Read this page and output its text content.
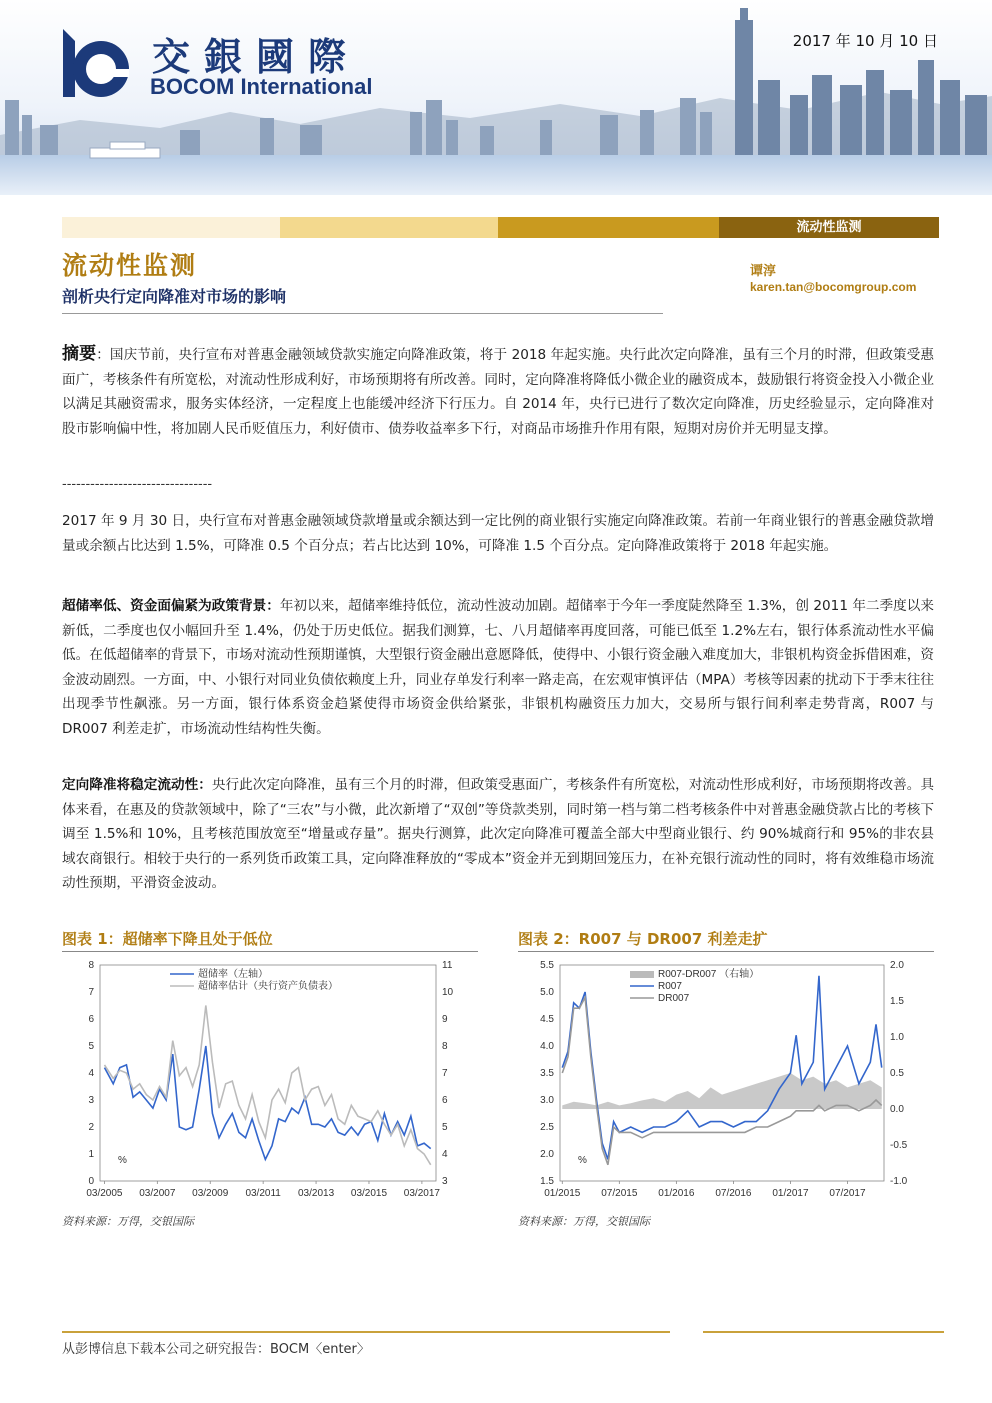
交銀國際
BOCOM International
2017 年 10 月 10 日
流动性监测
流动性监测
剖析央行定向降准对市场的影响
谭淳
karen.tan@bocomgroup.com

摘要：国庆节前，央行宣布对普惠金融领域贷款实施定向降准政策，将于 2018 年起实施。央行此次定向降准，虽有三个月的时滞，但政策受惠面广，考核条件有所宽松，对流动性形成利好，市场预期将有所改善。同时，定向降准将降低小微企业的融资成本，鼓励银行将资金投入小微企业以满足其融资需求，服务实体经济，一定程度上也能缓冲经济下行压力。自 2014 年，央行已进行了数次定向降准，历史经验显示，定向降准对股市影响偏中性，将加剧人民币贬值压力，利好债市、债券收益率多下行，对商品市场推升作用有限，短期对房价并无明显支撑。

--------------------------------

2017 年 9 月 30 日，央行宣布对普惠金融领域贷款增量或余额达到一定比例的商业银行实施定向降准政策。若前一年商业银行的普惠金融贷款增量或余额占比达到 1.5%，可降准 0.5 个百分点；若占比达到 10%，可降准 1.5 个百分点。定向降准政策将于 2018 年起实施。

超储率低、资金面偏紧为政策背景：年初以来，超储率维持低位，流动性波动加剧。超储率于今年一季度陡然降至 1.3%，创 2011 年二季度以来新低，二季度也仅小幅回升至 1.4%，仍处于历史低位。据我们测算，七、八月超储率再度回落，可能已低至 1.2%左右，银行体系流动性水平偏低。在低超储率的背景下，市场对流动性预期谨慎，大型银行资金融出意愿降低，使得中、小银行资金融入难度加大，非银机构资金拆借困难，资金波动剧烈。一方面，中、小银行对同业负债依赖度上升，同业存单发行利率一路走高，在宏观审慎评估（MPA）考核等因素的扰动下于季末往往出现季节性飙涨。另一方面，银行体系资金趋紧使得市场资金供给紧张，非银机构融资压力加大，交易所与银行间利率走势背离，R007 与 DR007 利差走扩，市场流动性结构性失衡。

定向降准将稳定流动性：央行此次定向降准，虽有三个月的时滞，但政策受惠面广，考核条件有所宽松，对流动性形成利好，市场预期将改善。具体来看，在惠及的贷款领域中，除了“三农”与小微，此次新增了“双创”等贷款类别，同时第一档与第二档考核条件中对普惠金融贷款占比的考核下调至 1.5%和 10%，且考核范围放宽至“增量或存量”。据央行测算，此次定向降准可覆盖全部大中型商业银行、约 90%城商行和 95%的非农县域农商银行。相较于央行的一系列货币政策工具，定向降准释放的“零成本”资金并无到期回笼压力，在补充银行流动性的同时，将有效维稳市场流动性预期，平滑资金波动。

图表 1：超储率下降且处于低位
0
1
2
3
4
5
6
7
8
3
4
5
6
7
8
9
10
11
03/2005 03/2007 03/2009 03/2011 03/2013 03/2015 03/2017
%
超储率（左轴）
超储率估计（央行资产负债表）
资料来源：万得，交银国际
图表 2：R007 与 DR007 利差走扩
1.5
2.0
2.5
3.0
3.5
4.0
4.5
5.0
5.5
-1.0
-0.5
0.0
0.5
1.0
1.5
2.0
01/2015 07/2015 01/2016 07/2016 01/2017 07/2017
%
R007-DR007 （右轴）
R007
DR007
资料来源：万得，交银国际
从彭博信息下载本公司之研究报告：BOCM〈enter〉
